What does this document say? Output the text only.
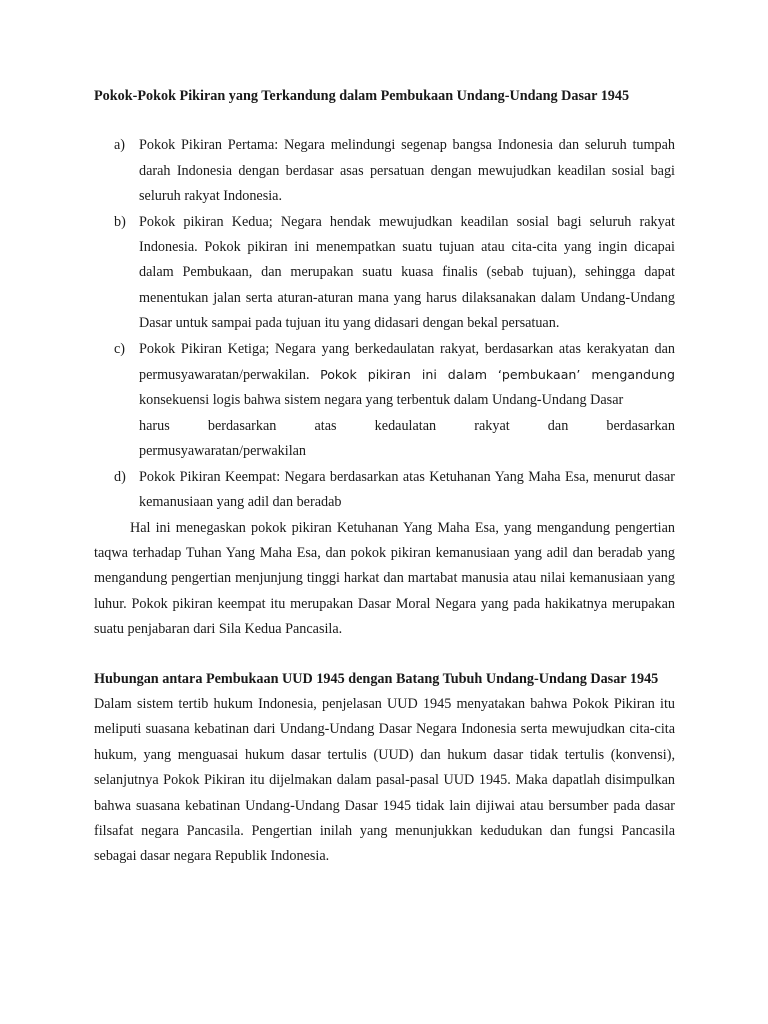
Pokok-Pokok Pikiran yang Terkandung dalam Pembukaan Undang-Undang Dasar 1945
a) Pokok Pikiran Pertama: Negara melindungi segenap bangsa Indonesia dan seluruh tumpah darah Indonesia dengan berdasar asas persatuan dengan mewujudkan keadilan sosial bagi seluruh rakyat Indonesia.
b) Pokok pikiran Kedua; Negara hendak mewujudkan keadilan sosial bagi seluruh rakyat Indonesia. Pokok pikiran ini menempatkan suatu tujuan atau cita-cita yang ingin dicapai dalam Pembukaan, dan merupakan suatu kuasa finalis (sebab tujuan), sehingga dapat menentukan jalan serta aturan-aturan mana yang harus dilaksanakan dalam Undang-Undang Dasar untuk sampai pada tujuan itu yang didasari dengan bekal persatuan.
c) Pokok Pikiran Ketiga; Negara yang berkedaulatan rakyat, berdasarkan atas kerakyatan dan permusyawaratan/perwakilan. Pokok pikiran ini dalam ‘pembukaan’ mengandung konsekuensi logis bahwa sistem negara yang terbentuk dalam Undang-Undang Dasar
harus	berdasarkan	atas	kedaulatan	rakyat	dan	berdasarkan
permusyawaratan/perwakilan
d) Pokok Pikiran Keempat: Negara berdasarkan atas Ketuhanan Yang Maha Esa, menurut dasar kemanusiaan yang adil dan beradab

Hal ini menegaskan pokok pikiran Ketuhanan Yang Maha Esa, yang mengandung pengertian taqwa terhadap Tuhan Yang Maha Esa, dan pokok pikiran kemanusiaan yang adil dan beradab yang mengandung pengertian menjunjung tinggi harkat dan martabat manusia atau nilai kemanusiaan yang luhur. Pokok pikiran keempat itu merupakan Dasar Moral Negara yang pada hakikatnya merupakan suatu penjabaran dari Sila Kedua Pancasila.

Hubungan antara Pembukaan UUD 1945 dengan Batang Tubuh Undang-Undang Dasar 1945

Dalam sistem tertib hukum Indonesia, penjelasan UUD 1945 menyatakan bahwa Pokok Pikiran itu meliputi suasana kebatinan dari Undang-Undang Dasar Negara Indonesia serta mewujudkan cita-cita hukum, yang menguasai hukum dasar tertulis (UUD) dan hukum dasar tidak tertulis (konvensi), selanjutnya Pokok Pikiran itu dijelmakan dalam pasal-pasal UUD 1945. Maka dapatlah disimpulkan bahwa suasana kebatinan Undang-Undang Dasar 1945 tidak lain dijiwai atau bersumber pada dasar filsafat negara Pancasila. Pengertian inilah yang menunjukkan kedudukan dan fungsi Pancasila sebagai dasar negara Republik Indonesia.
